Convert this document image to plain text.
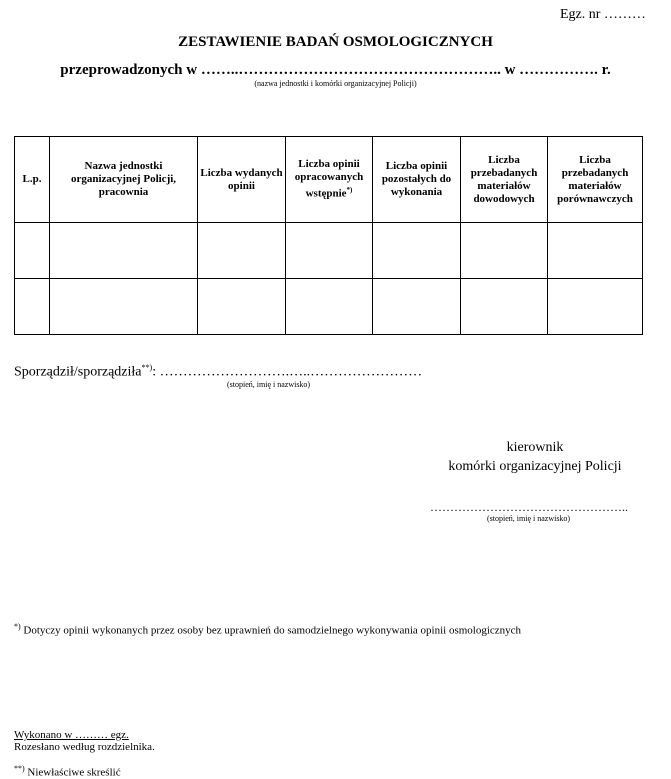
Egz. nr ………
ZESTAWIENIE BADAŃ OSMOLOGICZNYCH
przeprowadzonych w ……..…………………………………………….. w ……………. r.
(nazwa jednostki i komórki organizacyjnej Policji)
L.p.	Nazwa jednostki organizacyjnej Policji, pracownia	Liczba wydanych opinii	Liczba opinii opracowanych wstępnie*)	Liczba opinii pozostałych do wykonania	Liczba przebadanych materiałów dowodowych	Liczba przebadanych materiałów porównawczych

Sporządził/sporządziła**): ……………………….…..……………………
(stopień, imię i nazwisko)
kierownik
komórki organizacyjnej Policji
…………………………………………..
(stopień, imię i nazwisko)
*) Dotyczy opinii wykonanych przez osoby bez uprawnień do samodzielnego wykonywania opinii osmologicznych
Wykonano w ……… egz.
Rozesłano według rozdzielnika.
**) Niewłaściwe skreślić
